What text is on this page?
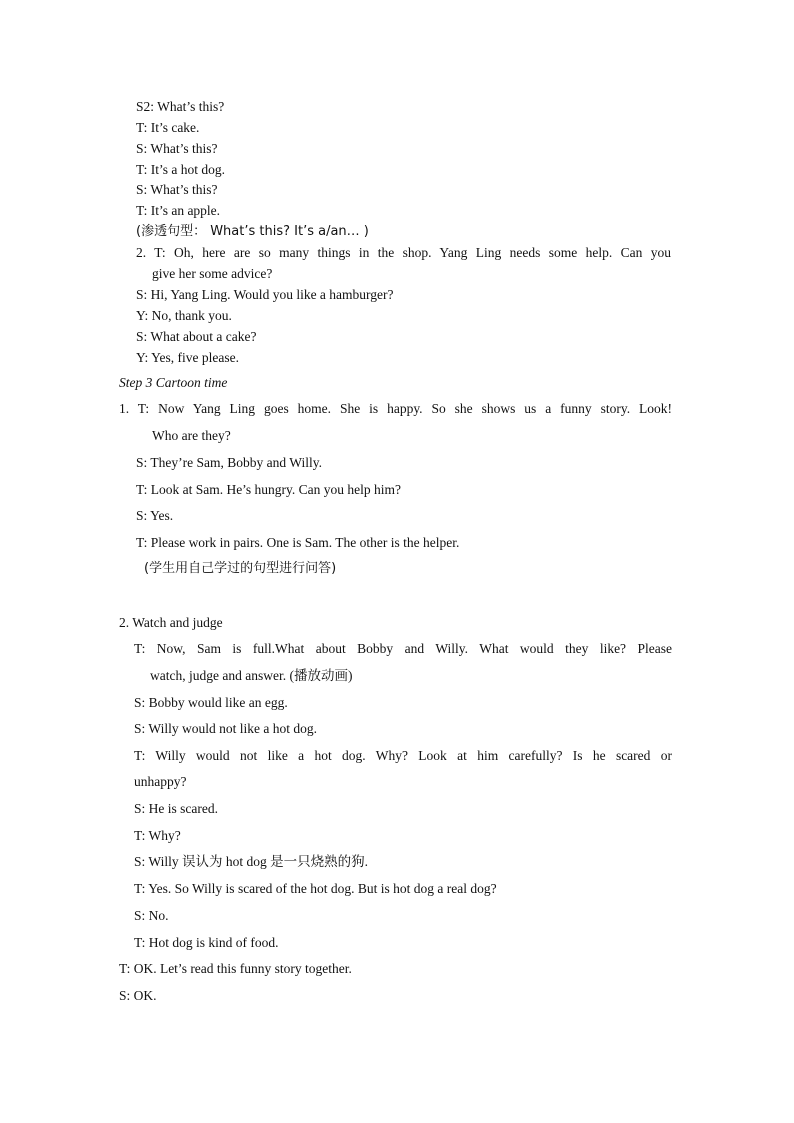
S2: What’s this?
T: It’s cake.
S: What’s this?
T: It’s a hot dog.
S: What’s this?
T: It’s an apple.
(渗透句型： What’s this? It’s a/an… )
2. T: Oh, here are so many things in the shop. Yang Ling needs some help. Can you
give her some advice?
S: Hi, Yang Ling. Would you like a hamburger?
Y: No, thank you.
S: What about a cake?
Y: Yes, five please.
Step 3 Cartoon time
1. T: Now Yang Ling goes home. She is happy. So she shows us a funny story. Look!
Who are they?
S: They’re Sam, Bobby and Willy.
T: Look at Sam. He’s hungry. Can you help him?
S: Yes.
T: Please work in pairs. One is Sam. The other is the helper.
(学生用自己学过的句型进行问答)
2. Watch and judge
T: Now, Sam is full.What about Bobby and Willy. What would they like? Please
watch, judge and answer. (播放动画)
S: Bobby would like an egg.
S: Willy would not like a hot dog.
T: Willy would not like a hot dog. Why? Look at him carefully? Is he scared or
unhappy?
S: He is scared.
T: Why?
S: Willy 误认为 hot dog 是一只烧熟的狗.
T: Yes. So Willy is scared of the hot dog. But is hot dog a real dog?
S: No.
T: Hot dog is kind of food.
T: OK. Let’s read this funny story together.
S: OK.
